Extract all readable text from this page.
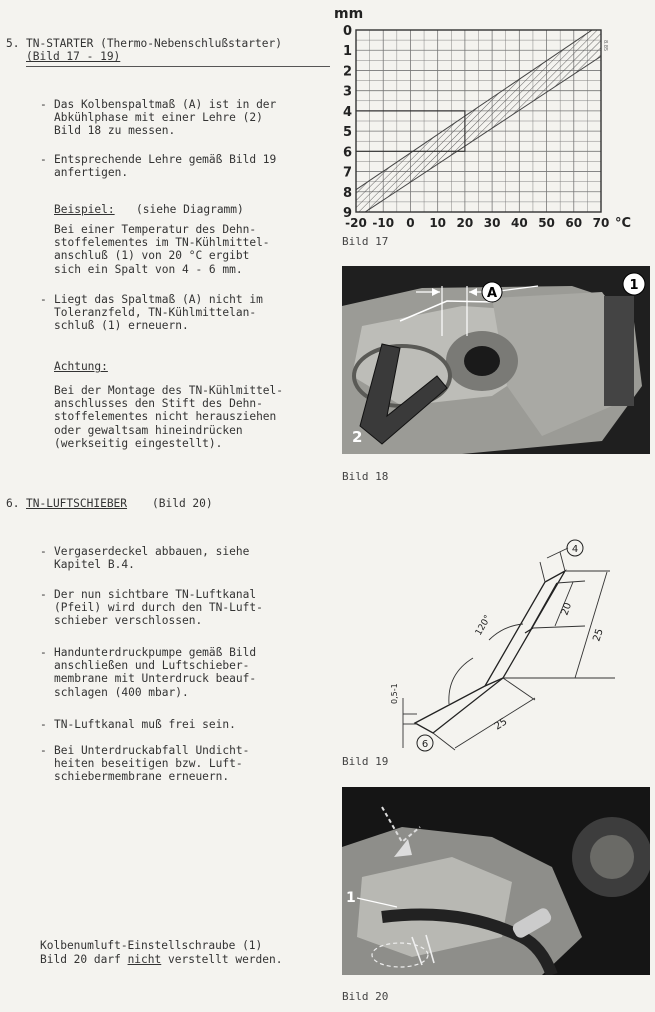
5. TN-STARTER (Thermo-Nebenschlußstarter)
(Bild 17 - 19)
- Das Kolbenspaltmaß (A) ist in der
Abkühlphase mit einer Lehre (2)
Bild 18 zu messen.
- Entsprechende Lehre gemäß Bild 19
anfertigen.
Beispiel: (siehe Diagramm)
Bei einer Temperatur des Dehn-
stoffelementes im TN-Kühlmittel-
anschluß (1) von 20 °C ergibt
sich ein Spalt von 4 - 6 mm.
- Liegt das Spaltmaß (A) nicht im
Toleranzfeld, TN-Kühlmittelan-
schluß (1) erneuern.
Achtung:
Bei der Montage des TN-Kühlmittel-
anschlusses den Stift des Dehn-
stoffelementes nicht herausziehen
oder gewaltsam hineindrücken
(werkseitig eingestellt).
6. TN-LUFTSCHIEBER (Bild 20)
- Vergaserdeckel abbauen, siehe
Kapitel B.4.
- Der nun sichtbare TN-Luftkanal
(Pfeil) wird durch den TN-Luft-
schieber verschlossen.
- Handunterdruckpumpe gemäß Bild
anschließen und Luftschieber-
membrane mit Unterdruck beauf-
schlagen (400 mbar).
- TN-Luftkanal muß frei sein.
- Bei Unterdruckabfall Undicht-
heiten beseitigen bzw. Luft-
schiebermembrane erneuern.
Kolbenumluft-Einstellschraube (1)
Bild 20 darf nicht verstellt werden.
mm
0
1
2
3
4
5
6
7
8
9
-20 -10 0 10 20 30 40 50 60 70 °C
8.85
Bild 17
A
1
2
Bild 18
4
120°
20
25
25
0,5-1
6
Bild 19
1
Bild 20
